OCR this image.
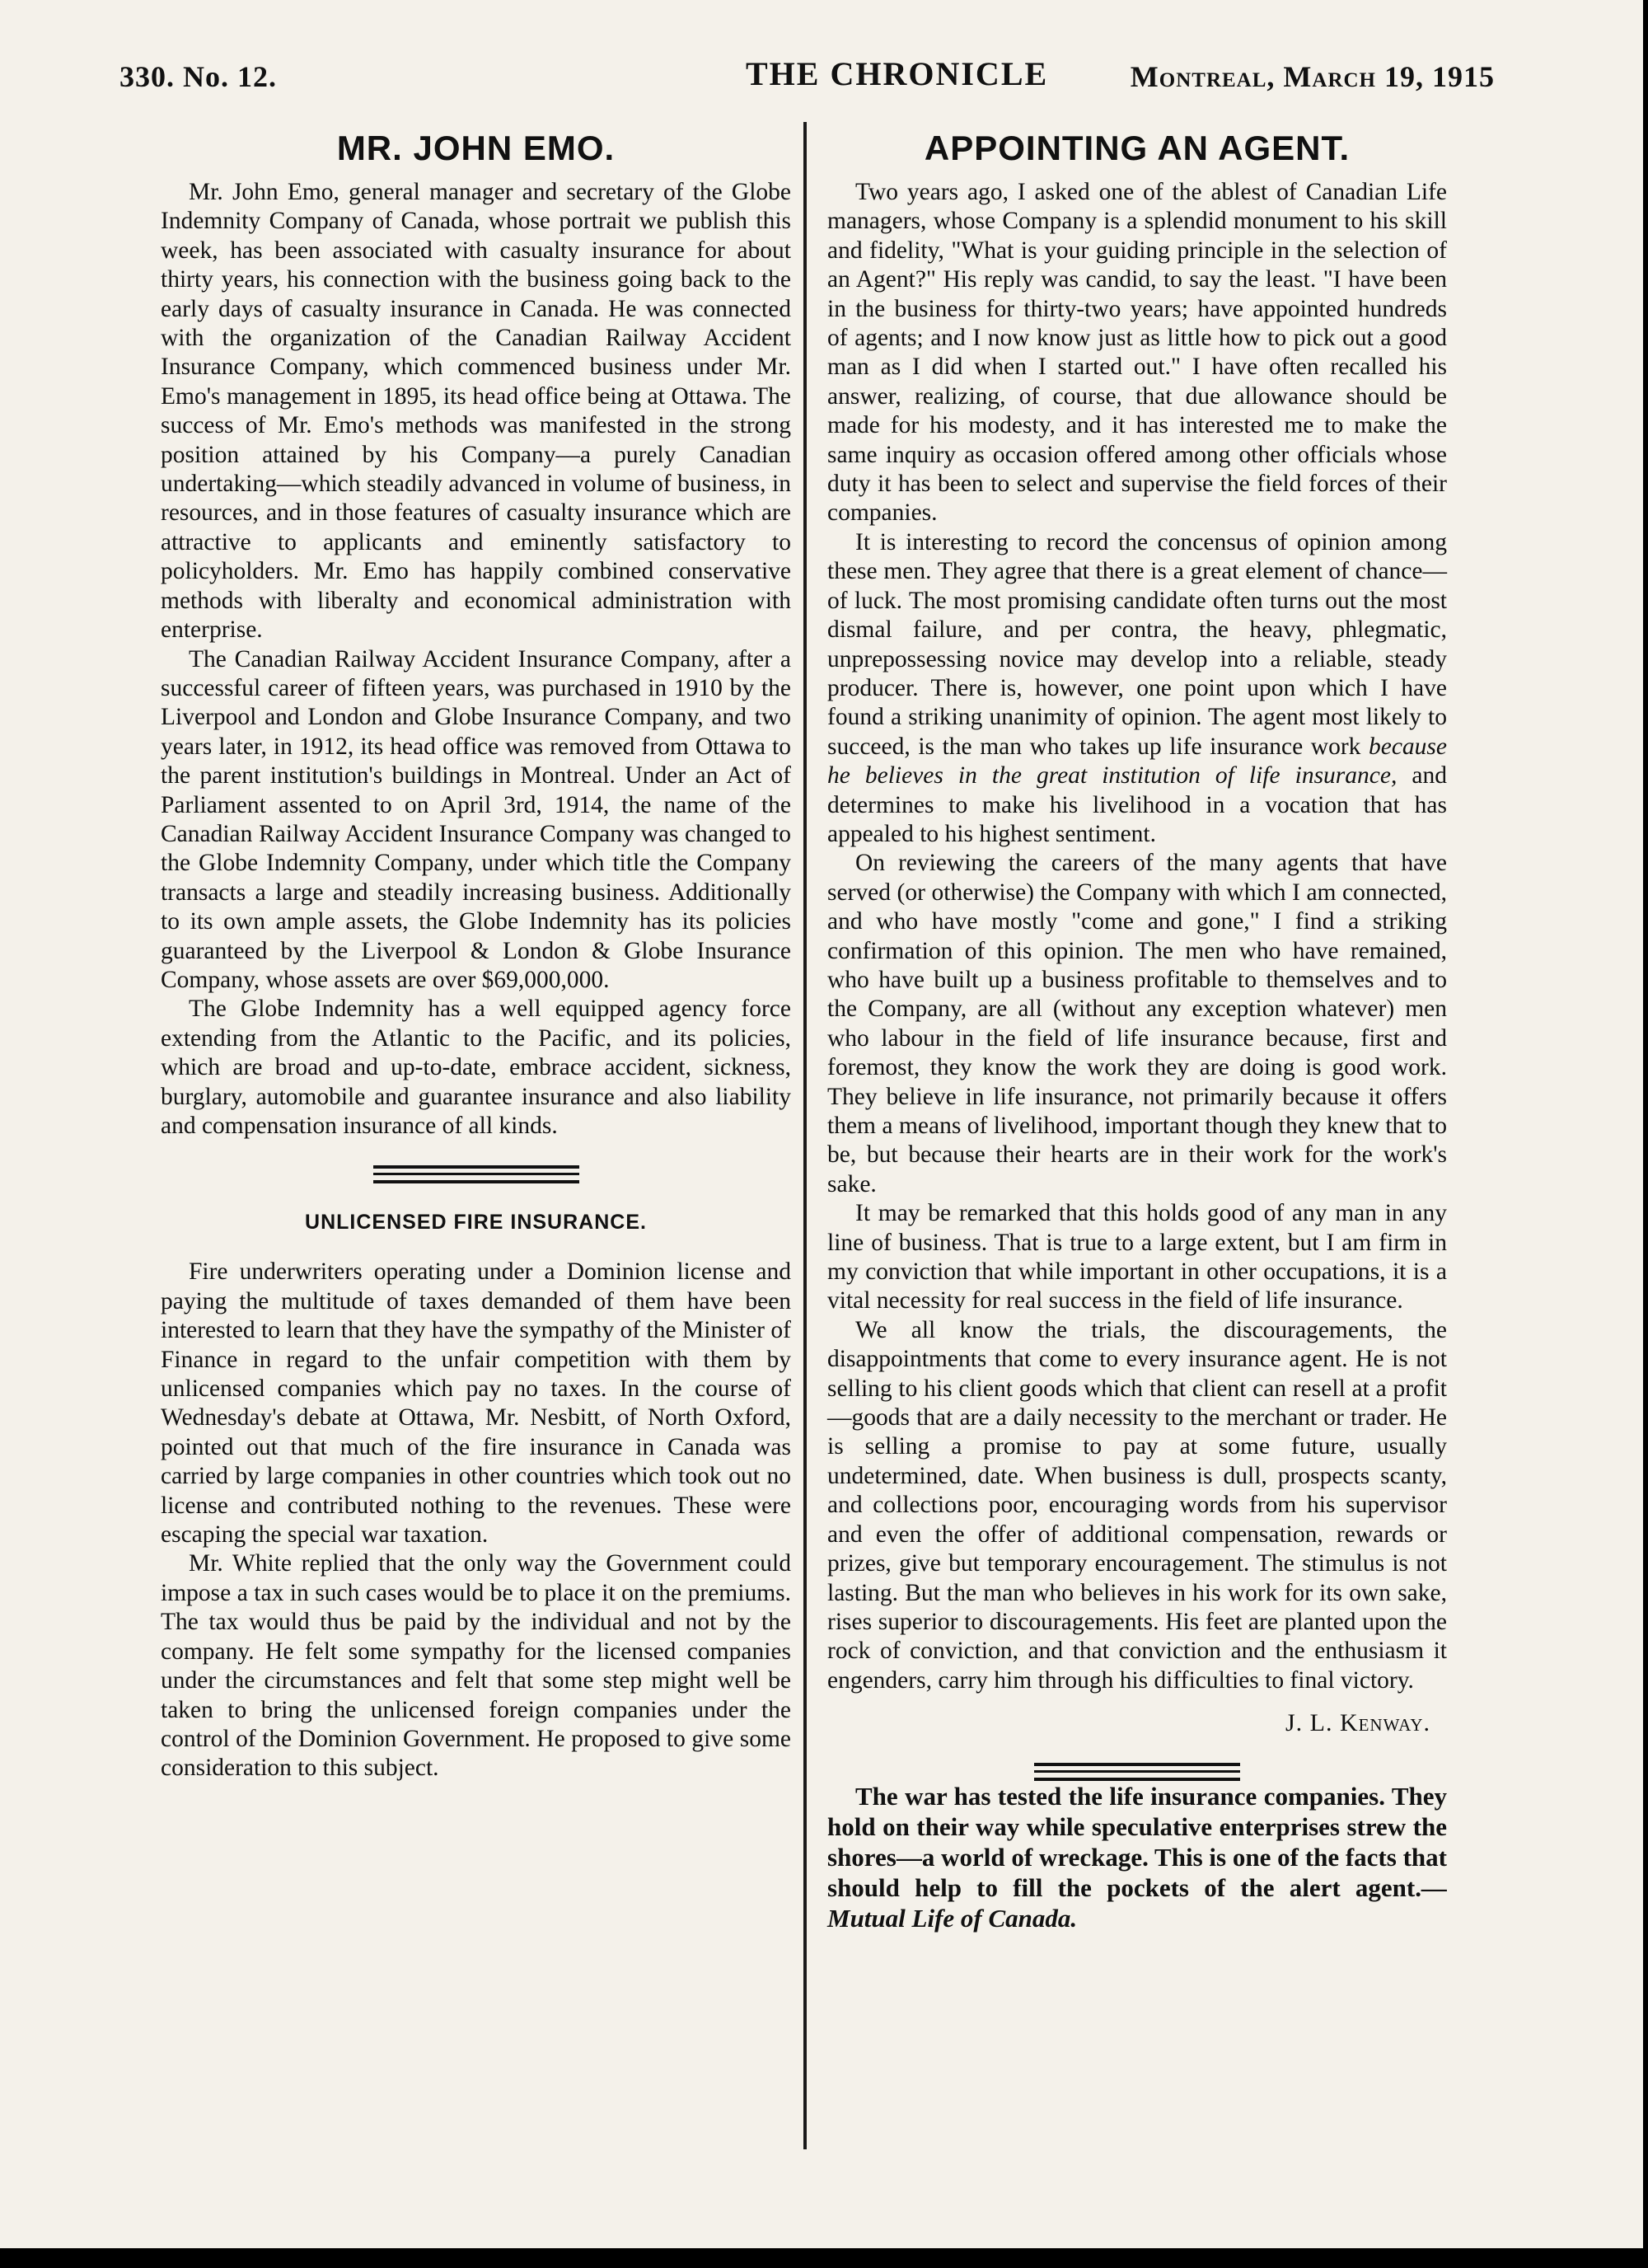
330. No. 12.	THE CHRONICLE	Montreal, March 19, 1915
MR. JOHN EMO.

Mr. John Emo, general manager and secretary of the Globe Indemnity Company of Canada, whose portrait we publish this week, has been associated with casualty insurance for about thirty years, his connection with the business going back to the early days of casualty insurance in Canada. He was connected with the organization of the Canadian Railway Accident Insurance Company, which commenced business under Mr. Emo's management in 1895, its head office being at Ottawa. The success of Mr. Emo's methods was manifested in the strong position attained by his Company—a purely Canadian undertaking—which steadily advanced in volume of business, in resources, and in those features of casualty insurance which are attractive to applicants and eminently satisfactory to policyholders. Mr. Emo has happily combined conservative methods with liberalty and economical administration with enterprise.

The Canadian Railway Accident Insurance Company, after a successful career of fifteen years, was purchased in 1910 by the Liverpool and London and Globe Insurance Company, and two years later, in 1912, its head office was removed from Ottawa to the parent institution's buildings in Montreal. Under an Act of Parliament assented to on April 3rd, 1914, the name of the Canadian Railway Accident Insurance Company was changed to the Globe Indemnity Company, under which title the Company transacts a large and steadily increasing business. Additionally to its own ample assets, the Globe Indemnity has its policies guaranteed by the Liverpool & London & Globe Insurance Company, whose assets are over $69,000,000.

The Globe Indemnity has a well equipped agency force extending from the Atlantic to the Pacific, and its policies, which are broad and up-to-date, embrace accident, sickness, burglary, automobile and guarantee insurance and also liability and compensation insurance of all kinds.

UNLICENSED FIRE INSURANCE.

Fire underwriters operating under a Dominion license and paying the multitude of taxes demanded of them have been interested to learn that they have the sympathy of the Minister of Finance in regard to the unfair competition with them by unlicensed companies which pay no taxes. In the course of Wednesday's debate at Ottawa, Mr. Nesbitt, of North Oxford, pointed out that much of the fire insurance in Canada was carried by large companies in other countries which took out no license and contributed nothing to the revenues. These were escaping the special war taxation.

Mr. White replied that the only way the Government could impose a tax in such cases would be to place it on the premiums. The tax would thus be paid by the individual and not by the company. He felt some sympathy for the licensed companies under the circumstances and felt that some step might well be taken to bring the unlicensed foreign companies under the control of the Dominion Government. He proposed to give some consideration to this subject.

APPOINTING AN AGENT.

Two years ago, I asked one of the ablest of Canadian Life managers, whose Company is a splendid monument to his skill and fidelity, "What is your guiding principle in the selection of an Agent?" His reply was candid, to say the least. "I have been in the business for thirty-two years; have appointed hundreds of agents; and I now know just as little how to pick out a good man as I did when I started out." I have often recalled his answer, realizing, of course, that due allowance should be made for his modesty, and it has interested me to make the same inquiry as occasion offered among other officials whose duty it has been to select and supervise the field forces of their companies.

It is interesting to record the concensus of opinion among these men. They agree that there is a great element of chance—of luck. The most promising candidate often turns out the most dismal failure, and per contra, the heavy, phlegmatic, unprepossessing novice may develop into a reliable, steady producer. There is, however, one point upon which I have found a striking unanimity of opinion. The agent most likely to succeed, is the man who takes up life insurance work because he believes in the great institution of life insurance, and determines to make his livelihood in a vocation that has appealed to his highest sentiment.

On reviewing the careers of the many agents that have served (or otherwise) the Company with which I am connected, and who have mostly "come and gone," I find a striking confirmation of this opinion. The men who have remained, who have built up a business profitable to themselves and to the Company, are all (without any exception whatever) men who labour in the field of life insurance because, first and foremost, they know the work they are doing is good work. They believe in life insurance, not primarily because it offers them a means of livelihood, important though they knew that to be, but because their hearts are in their work for the work's sake.

It may be remarked that this holds good of any man in any line of business. That is true to a large extent, but I am firm in my conviction that while important in other occupations, it is a vital necessity for real success in the field of life insurance.

We all know the trials, the discouragements, the disappointments that come to every insurance agent. He is not selling to his client goods which that client can resell at a profit—goods that are a daily necessity to the merchant or trader. He is selling a promise to pay at some future, usually undetermined, date. When business is dull, prospects scanty, and collections poor, encouraging words from his supervisor and even the offer of additional compensation, rewards or prizes, give but temporary encouragement. The stimulus is not lasting. But the man who believes in his work for its own sake, rises superior to discouragements. His feet are planted upon the rock of conviction, and that conviction and the enthusiasm it engenders, carry him through his difficulties to final victory.

J. L. Kenway.

The war has tested the life insurance companies. They hold on their way while speculative enterprises strew the shores—a world of wreckage. This is one of the facts that should help to fill the pockets of the alert agent.—Mutual Life of Canada.
